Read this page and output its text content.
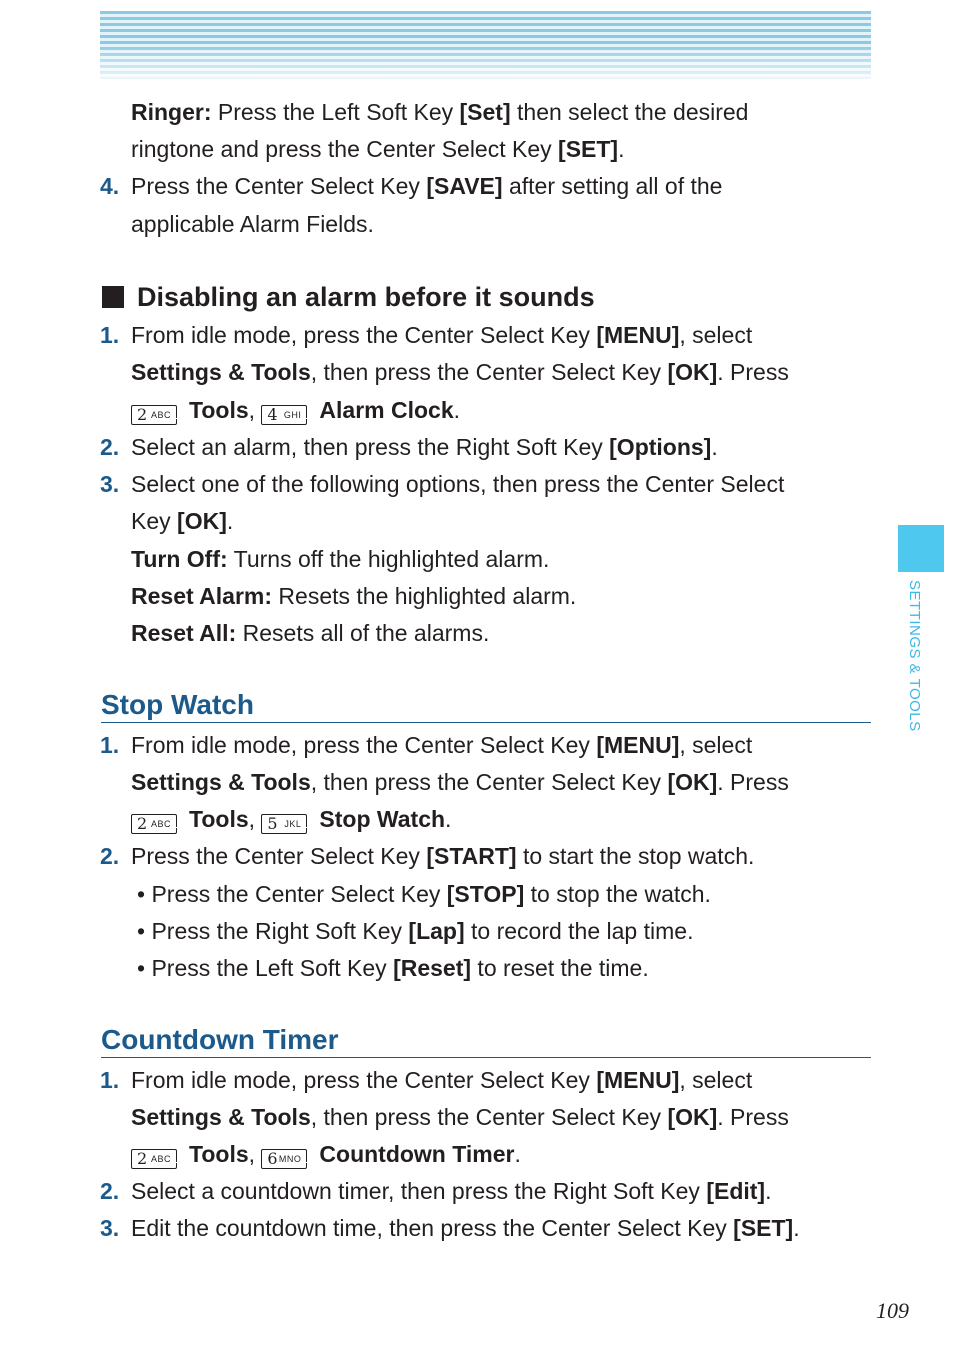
SETTINGS & TOOLS
Ringer: Press the Left Soft Key [Set] then select the desired
ringtone and press the Center Select Key [SET].
4. Press the Center Select Key [SAVE] after setting all of the
applicable Alarm Fields.
Disabling an alarm before it sounds
1. From idle mode, press the Center Select Key [MENU], select
Settings & Tools, then press the Center Select Key [OK]. Press
2 ABC Tools, 4 GHI Alarm Clock.
2. Select an alarm, then press the Right Soft Key [Options].
3. Select one of the following options, then press the Center Select
Key [OK].
Turn Off: Turns off the highlighted alarm.
Reset Alarm: Resets the highlighted alarm.
Reset All: Resets all of the alarms.
Stop Watch
1. From idle mode, press the Center Select Key [MENU], select
Settings & Tools, then press the Center Select Key [OK]. Press
2 ABC Tools, 5 JKL Stop Watch.
2. Press the Center Select Key [START] to start the stop watch.
• Press the Center Select Key [STOP] to stop the watch.
• Press the Right Soft Key [Lap] to record the lap time.
• Press the Left Soft Key [Reset] to reset the time.
Countdown Timer
1. From idle mode, press the Center Select Key [MENU], select
Settings & Tools, then press the Center Select Key [OK]. Press
2 ABC Tools, 6 MNO Countdown Timer.
2. Select a countdown timer, then press the Right Soft Key [Edit].
3. Edit the countdown time, then press the Center Select Key [SET].
109
